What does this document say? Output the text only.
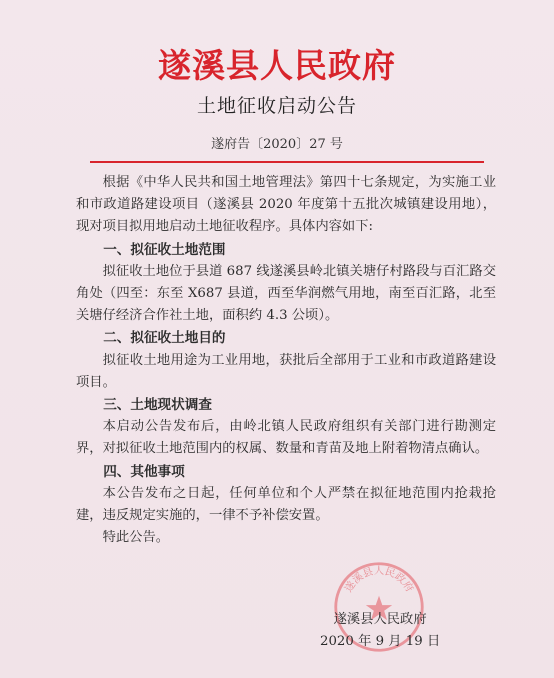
遂溪县人民政府
土地征收启动公告
遂府告〔2020〕27 号

根据《中华人民共和国土地管理法》第四十七条规定，为实施工业和市政道路建设项目（遂溪县 2020 年度第十五批次城镇建设用地），现对项目拟用地启动土地征收程序。具体内容如下:

一、拟征收土地范围

拟征收土地位于县道 687 线遂溪县岭北镇关塘仔村路段与百汇路交角处（四至：东至 X687 县道，西至华润燃气用地，南至百汇路，北至关塘仔经济合作社土地，面积约 4.3 公顷）。

二、拟征收土地目的

拟征收土地用途为工业用地，获批后全部用于工业和市政道路建设项目。

三、土地现状调查

本启动公告发布后，由岭北镇人民政府组织有关部门进行勘测定界，对拟征收土地范围内的权属、数量和青苗及地上附着物清点确认。

四、其他事项

本公告发布之日起，任何单位和个人严禁在拟征地范围内抢栽抢建，违反规定实施的，一律不予补偿安置。

特此公告。

遂溪县人民政府
遂溪县人民政府
2020 年 9 月 19 日
